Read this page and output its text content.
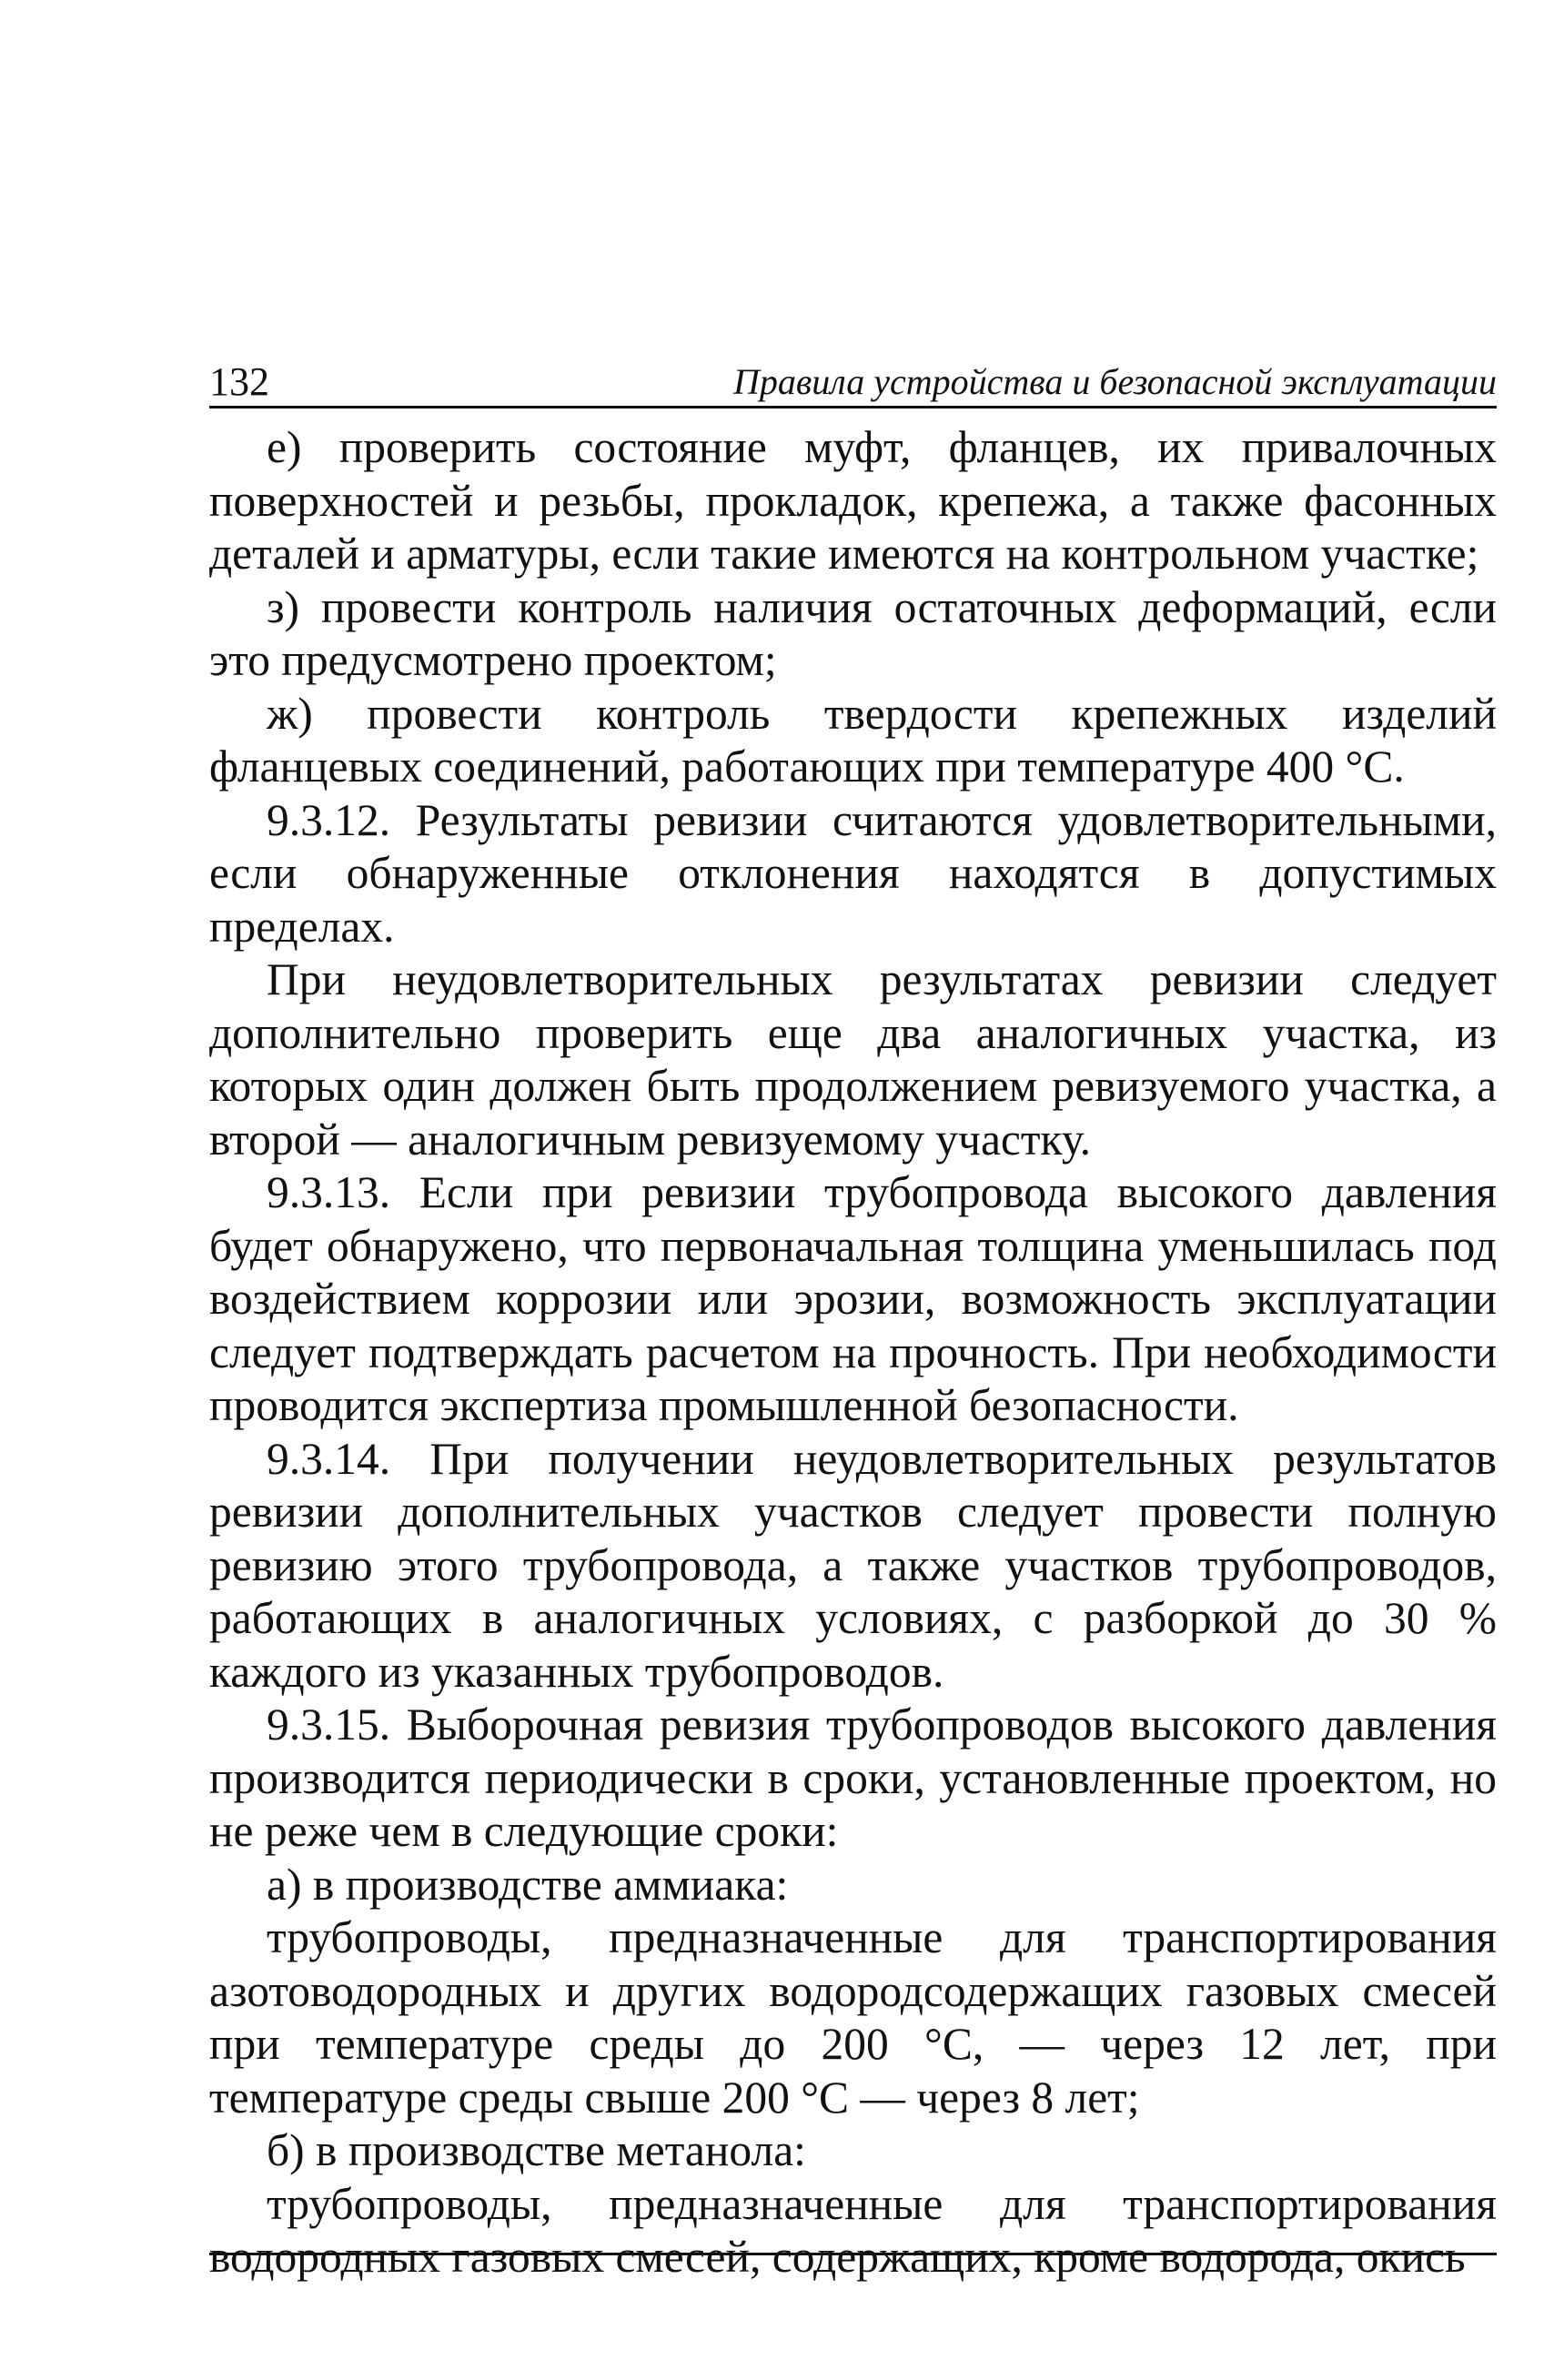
132	Правила устройства и безопасной эксплуатации

е) проверить состояние муфт, фланцев, их привалочных поверхностей и резьбы, прокладок, крепежа, а также фасонных деталей и арматуры, если такие имеются на контрольном участке;

з) провести контроль наличия остаточных деформаций, если это предусмотрено проектом;

ж) провести контроль твердости крепежных изделий фланцевых соединений, работающих при температуре 400 °С.

9.3.12. Результаты ревизии считаются удовлетворительными, если обнаруженные отклонения находятся в допустимых пределах.

При неудовлетворительных результатах ревизии следует дополнительно проверить еще два аналогичных участка, из которых один должен быть продолжением ревизуемого участка, а второй — аналогичным ревизуемому участку.

9.3.13. Если при ревизии трубопровода высокого давления будет обнаружено, что первоначальная толщина уменьшилась под воздействием коррозии или эрозии, возможность эксплуатации следует подтверждать расчетом на прочность. При необходимости проводится экспертиза промышленной безопасности.

9.3.14. При получении неудовлетворительных результатов ревизии дополнительных участков следует провести полную ревизию этого трубопровода, а также участков трубопроводов, работающих в аналогичных условиях, с разборкой до 30 % каждого из указанных трубопроводов.

9.3.15. Выборочная ревизия трубопроводов высокого давления производится периодически в сроки, установленные проектом, но не реже чем в следующие сроки:

а) в производстве аммиака:

трубопроводы, предназначенные для транспортирования азотоводородных и других водородсодержащих газовых смесей при температуре среды до 200 °С, — через 12 лет, при температуре среды свыше 200 °С — через 8 лет;

б) в производстве метанола:

трубопроводы, предназначенные для транспортирования водородных газовых смесей, содержащих, кроме водорода, окись
